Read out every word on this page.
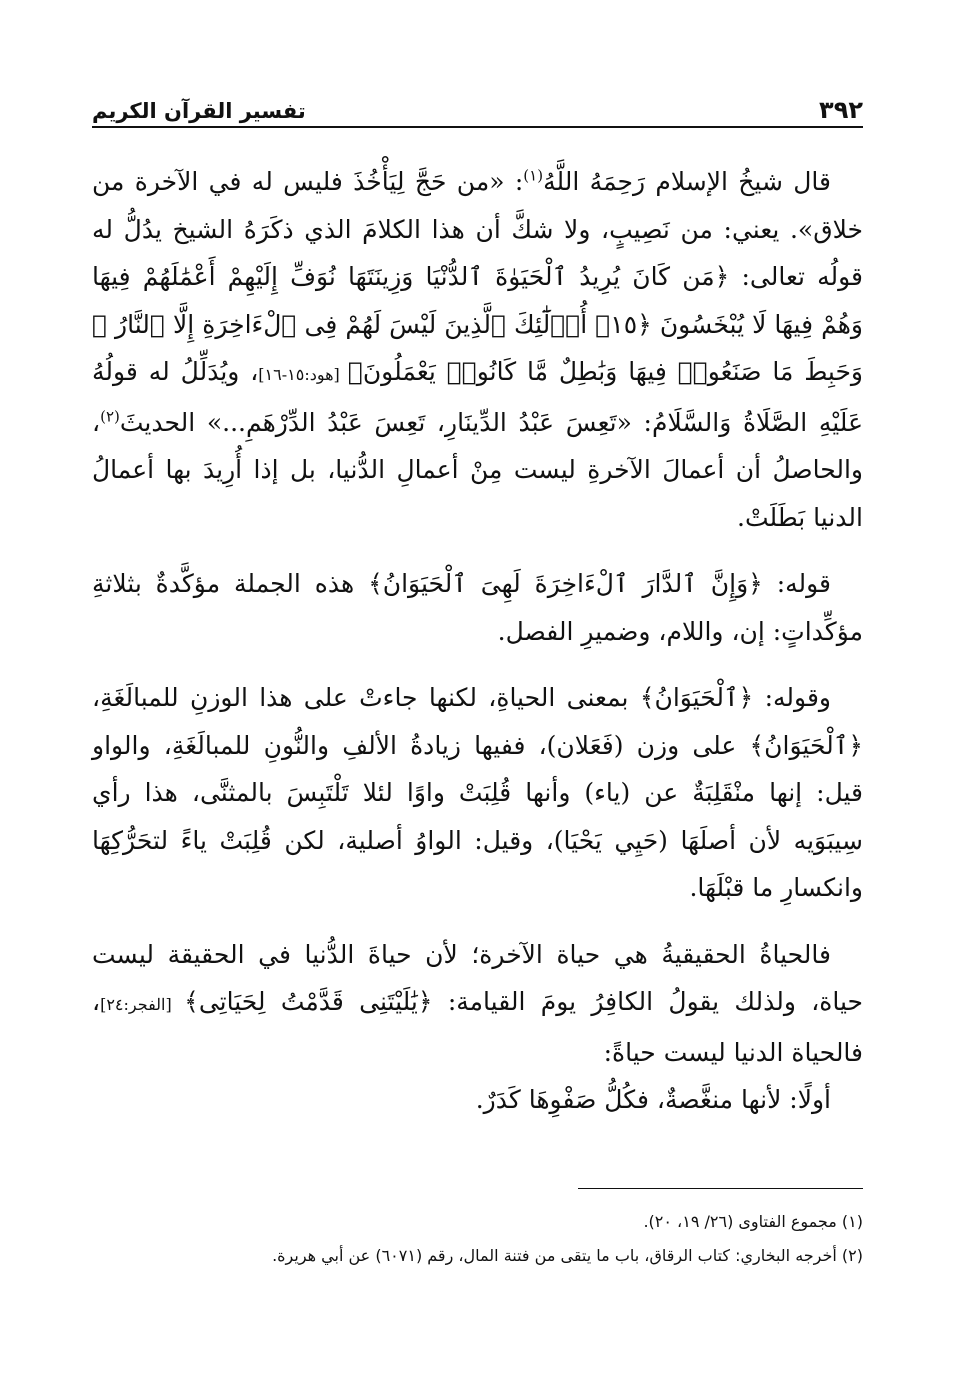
٣٩٢
تفسير القرآن الكريم

قال شيخُ الإسلام رَحِمَهُ اللَّهُ$^{(١)}$: «من حَجَّ لِيَأْخُذَ فليس له في الآخرة من خلاق». يعني: من نَصِيبٍ، ولا شكَّ أن هذا الكلامَ الذي ذكَرَهُ الشيخ يدُلُّ له قولُه تعالى: ﴿مَن كَانَ يُرِيدُ ٱلْحَيَوٰةَ ٱلدُّنْيَا وَزِينَتَهَا نُوَفِّ إِلَيْهِمْ أَعْمَٰلَهُمْ فِيهَا وَهُمْ فِيهَا لَا يُبْخَسُونَ ﴿١٥﴾ أُو۟لَٰٓئِكَ ٱلَّذِينَ لَيْسَ لَهُمْ فِى ٱلْءَاخِرَةِ إِلَّا ٱلنَّارُ ۖ وَحَبِطَ مَا صَنَعُوا۟ فِيهَا وَبَٰطِلٌ مَّا كَانُوا۟ يَعْمَلُونَ﴾ [هود:١٥-١٦]، ويُدَلِّلُ له قولُهُ عَلَيْهِ الصَّلَاةُ وَالسَّلَامُ: «تَعِسَ عَبْدُ الدِّينَارِ، تَعِسَ عَبْدُ الدِّرْهَمِ...» الحديثَ$^{(٢)}$، والحاصلُ أن أعمالَ الآخرةِ ليست مِنْ أعمالِ الدُّنيا، بل إذا أُرِيدَ بها أعمالُ الدنيا بَطَلَتْ.

قوله: ﴿وَإِنَّ ٱلدَّارَ ٱلْءَاخِرَةَ لَهِىَ ٱلْحَيَوَانُ﴾ هذه الجملة مؤكَّدةٌ بثلاثةِ مؤكِّداتٍ: إن، واللام، وضميرِ الفصل.

وقوله: ﴿ٱلْحَيَوَانُ﴾ بمعنى الحياةِ، لكنها جاءتْ على هذا الوزنِ للمبالَغَةِ، ﴿ٱلْحَيَوَانُ﴾ على وزن (فَعَلان)، ففيها زيادةُ الألفِ والنُّونِ للمبالَغَةِ، والواو قيل: إنها منْقَلِبَةٌ عن (ياء) وأنها قُلِبَتْ واوًا لئلا تَلْتَبِسَ بالمثنَّى، هذا رأي سِيبَوَيه لأن أصلَهَا (حَيِي يَحْيَا)، وقيل: الواوُ أصلية، لكن قُلِبَتْ ياءً لتحَرُّكِهَا وانكسارِ ما قبْلَهَا.

فالحياةُ الحقيقيةُ هي حياة الآخرة؛ لأن حياةَ الدُّنيا في الحقيقة ليست حياة، ولذلك يقولُ الكافِرُ يومَ القيامة: ﴿يَٰلَيْتَنِى قَدَّمْتُ لِحَيَاتِى﴾ [الفجر:٢٤]، فالحياة الدنيا ليست حياةً:

أولًا: لأنها منغَّصةٌ، فكُلُّ صَفْوِهَا كَدَرٌ.

(١) مجموع الفتاوى (٢٦/ ١٩، ٢٠).
(٢) أخرجه البخاري: كتاب الرقاق، باب ما يتقى من فتنة المال، رقم (٦٠٧١) عن أبي هريرة.
